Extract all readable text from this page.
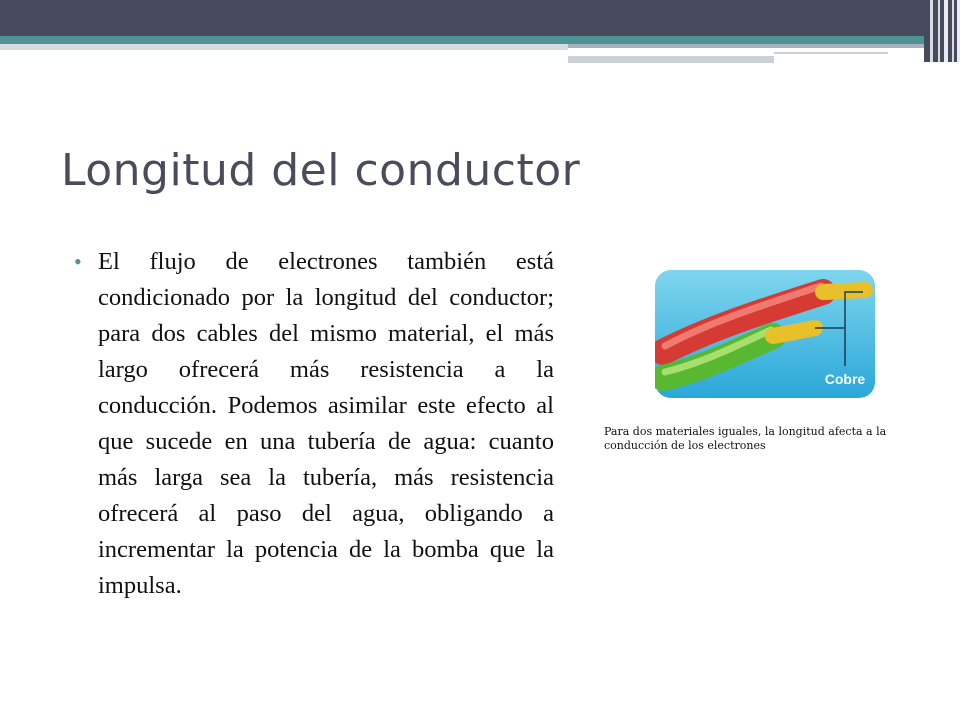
Longitud del conductor
• El flujo de electrones también está condicionado por la longitud del conductor; para dos cables del mismo material, el más largo ofrecerá más resistencia a la conducción. Podemos asimilar este efecto al que sucede en una tubería de agua: cuanto más larga sea la tubería, más resistencia ofrecerá al paso del agua, obligando a incrementar la potencia de la bomba que la impulsa.
Cobre

Para dos materiales iguales, la longitud afecta a la conducción de los electrones
